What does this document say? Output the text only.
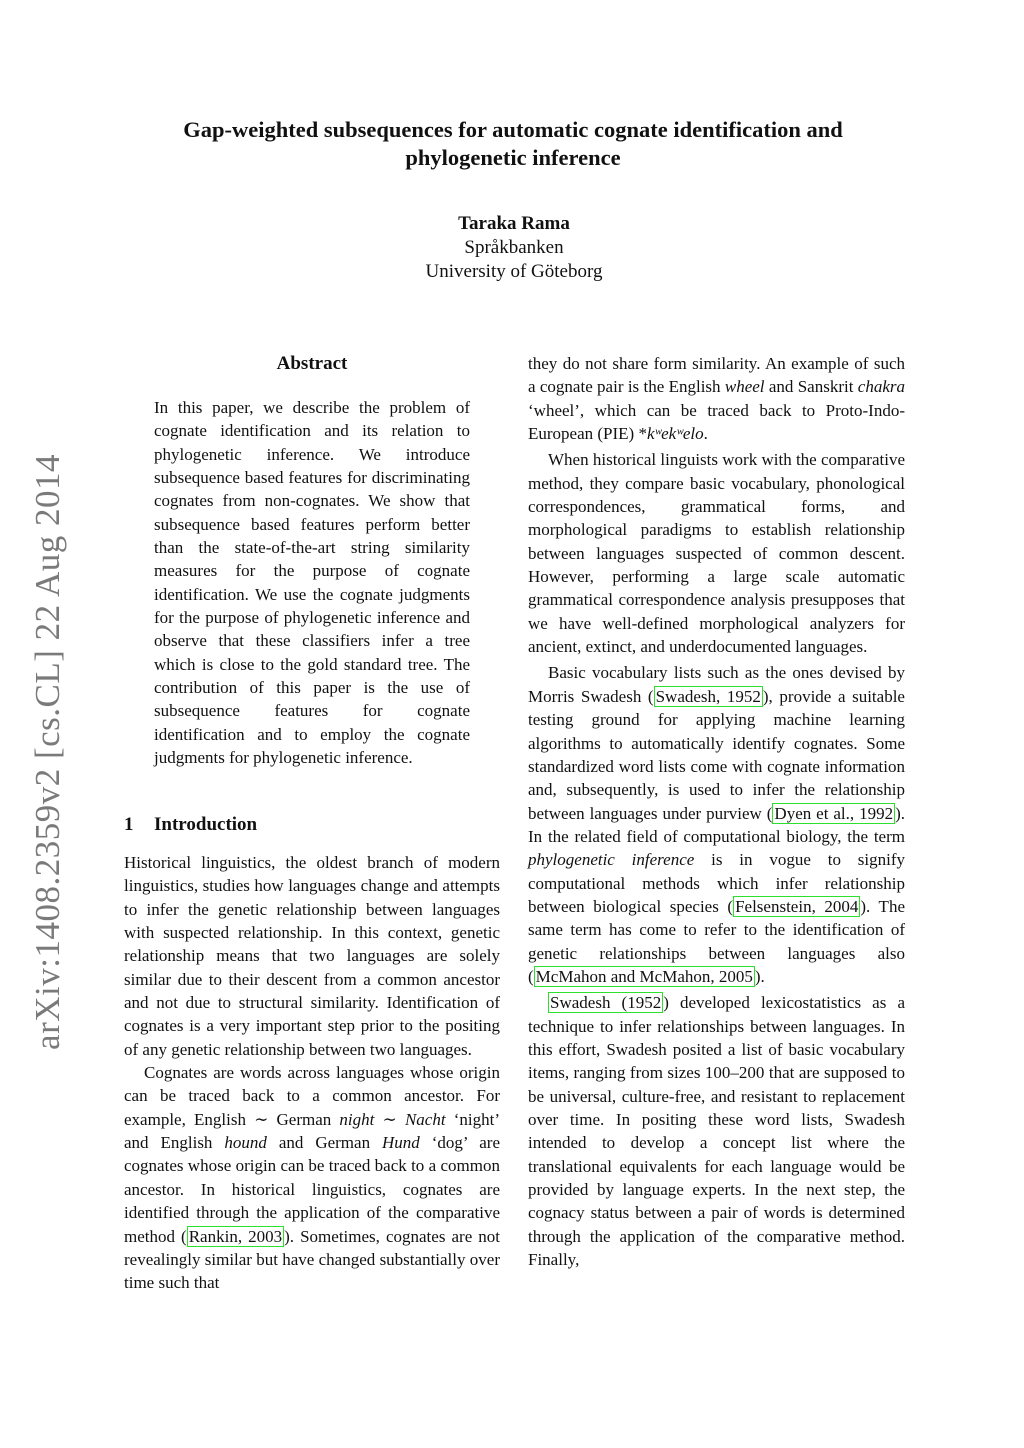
arXiv:1408.2359v2 [cs.CL] 22 Aug 2014
Gap-weighted subsequences for automatic cognate identification and phylogenetic inference
Taraka Rama
Språkbanken
University of Göteborg
Abstract

In this paper, we describe the problem of cognate identification and its relation to phylogenetic inference. We introduce subsequence based features for discriminating cognates from non-cognates. We show that subsequence based features perform better than the state-of-the-art string similarity measures for the purpose of cognate identification. We use the cognate judgments for the purpose of phylogenetic inference and observe that these classifiers infer a tree which is close to the gold standard tree. The contribution of this paper is the use of subsequence features for cognate identification and to employ the cognate judgments for phylogenetic inference.

1 Introduction

Historical linguistics, the oldest branch of modern linguistics, studies how languages change and attempts to infer the genetic relationship between languages with suspected relationship. In this context, genetic relationship means that two languages are solely similar due to their descent from a common ancestor and not due to structural similarity. Identification of cognates is a very important step prior to the positing of any genetic relationship between two languages.

Cognates are words across languages whose origin can be traced back to a common ancestor. For example, English ∼ German night ∼ Nacht ‘night’ and English hound and German Hund ‘dog’ are cognates whose origin can be traced back to a common ancestor. In historical linguistics, cognates are identified through the application of the comparative method ( Rankin, 2003 ). Sometimes, cognates are not revealingly similar but have changed substantially over time such that

they do not share form similarity. An example of such a cognate pair is the English wheel and Sanskrit chakra ‘wheel’, which can be traced back to Proto-Indo-European (PIE) *kʷekʷelo.

When historical linguists work with the comparative method, they compare basic vocabulary, phonological correspondences, grammatical forms, and morphological paradigms to establish relationship between languages suspected of common descent. However, performing a large scale automatic grammatical correspondence analysis presupposes that we have well-defined morphological analyzers for ancient, extinct, and underdocumented languages.

Basic vocabulary lists such as the ones devised by Morris Swadesh ( Swadesh, 1952 ), provide a suitable testing ground for applying machine learning algorithms to automatically identify cognates. Some standardized word lists come with cognate information and, subsequently, is used to infer the relationship between languages under purview ( Dyen et al., 1992 ). In the related field of computational biology, the term phylogenetic inference is in vogue to signify computational methods which infer relationship between biological species ( Felsenstein, 2004 ). The same term has come to refer to the identification of genetic relationships between languages also ( McMahon and McMahon, 2005 ).

Swadesh (1952 ) developed lexicostatistics as a technique to infer relationships between languages. In this effort, Swadesh posited a list of basic vocabulary items, ranging from sizes 100–200 that are supposed to be universal, culture-free, and resistant to replacement over time. In positing these word lists, Swadesh intended to develop a concept list where the translational equivalents for each language would be provided by language experts. In the next step, the cognacy status between a pair of words is determined through the application of the comparative method. Finally,
